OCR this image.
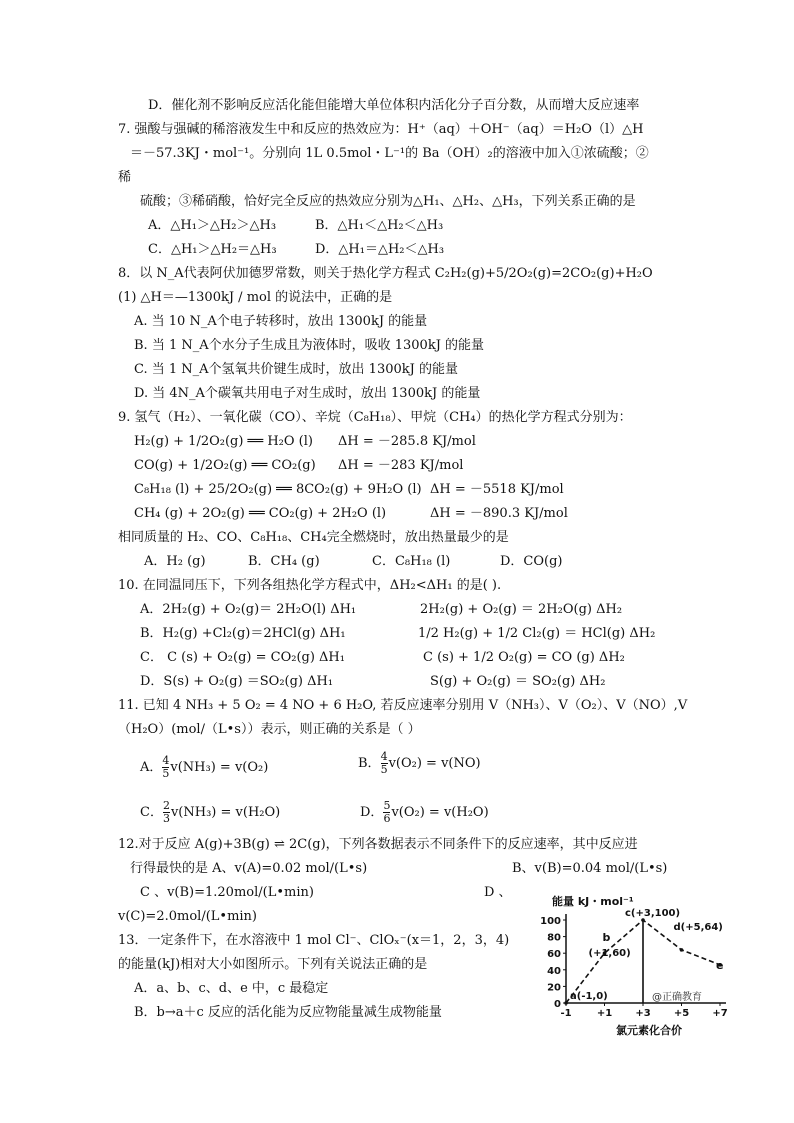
D．催化剂不影响反应活化能但能增大单位体积内活化分子百分数，从而增大反应速率
7. 强酸与强碱的稀溶液发生中和反应的热效应为：H⁺（aq）＋OH⁻（aq）＝H₂O（l）△H
＝－57.3KJ・mol⁻¹。分别向 1L 0.5mol・L⁻¹的 Ba（OH）₂的溶液中加入①浓硫酸；②
稀
硫酸；③稀硝酸，恰好完全反应的热效应分别为△H₁、△H₂、△H₃，下列关系正确的是
A．△H₁＞△H₂＞△H₃	B．△H₁＜△H₂＜△H₃
C．△H₁＞△H₂＝△H₃	D．△H₁＝△H₂＜△H₃
8．以 N_A代表阿伏加德罗常数，则关于热化学方程式 C₂H₂(g)+5/2O₂(g)=2CO₂(g)+H₂O
(1) △H＝—1300kJ / mol 的说法中，正确的是
A. 当 10 N_A个电子转移时，放出 1300kJ 的能量
B. 当 1 N_A个水分子生成且为液体时，吸收 1300kJ 的能量
C. 当 1 N_A个氢氧共价键生成时，放出 1300kJ 的能量
D. 当 4N_A个碳氧共用电子对生成时，放出 1300kJ 的能量
9. 氢气（H₂）、一氧化碳（CO）、辛烷（C₈H₁₈）、甲烷（CH₄）的热化学方程式分别为：
H₂(g) + 1/2O₂(g) ══ H₂O (l) ΔH = －285.8 KJ/mol
CO(g) + 1/2O₂(g) ══ CO₂(g) ΔH = －283 KJ/mol
C₈H₁₈ (l) + 25/2O₂(g) ══ 8CO₂(g) + 9H₂O (l) ΔH = －5518 KJ/mol
CH₄ (g) + 2O₂(g) ══ CO₂(g) + 2H₂O (l)	ΔH = －890.3 KJ/mol
相同质量的 H₂、CO、C₈H₁₈、CH₄完全燃烧时，放出热量最少的是
A．H₂ (g)	B．CH₄ (g)	C．C₈H₁₈ (l)	D．CO(g)
10. 在同温同压下，下列各组热化学方程式中，ΔH₂<ΔH₁ 的是( ).
A．2H₂(g) + O₂(g)＝ 2H₂O(l) ΔH₁	2H₂(g) + O₂(g) ＝ 2H₂O(g) ΔH₂
B．H₂(g) +Cl₂(g)＝2HCl(g) ΔH₁	1/2 H₂(g) + 1/2 Cl₂(g) ＝ HCl(g) ΔH₂
C． C (s) + O₂(g) = CO₂(g) ΔH₁	C (s) + 1/2 O₂(g) = CO (g) ΔH₂
D．S(s) + O₂(g) ＝SO₂(g) ΔH₁	S(g) + O₂(g) ＝ SO₂(g) ΔH₂
11. 已知 4 NH₃ + 5 O₂ = 4 NO + 6 H₂O, 若反应速率分别用 V（NH₃）、V（O₂）、V（NO）,V
（H₂O）(mol/（L•s））表示，则正确的关系是（ ）
A． $\frac{4}{5} v(NH_3) = v(O_2)$	B． $\frac{4}{5} v(O_2) = v(NO)$
C． $\frac{2}{3} v(NH_3) = v(H_2O)$	D． $\frac{5}{6} v(O_2) = v(H_2O)$
12.对于反应 A(g)+3B(g) ⇌ 2C(g)，下列各数据表示不同条件下的反应速率，其中反应进
行得最快的是 A、v(A)=0.02 mol/(L•s)	B、v(B)=0.04 mol/(L•s)
C 、v(B)=1.20mol/(L•min)	D 、
v(C)=2.0mol/(L•min)
13．一定条件下，在水溶液中 1 mol Cl⁻、ClOₓ⁻(x＝1，2，3，4)
的能量(kJ)相对大小如图所示。下列有关说法正确的是
A．a、b、c、d、e 中，c 最稳定
B．b→a＋c 反应的活化能为反应物能量减生成物能量
能量 kJ・mol⁻¹
0
20
40
60
80
100
-1	+1 +3 +5 +7
氯元素化合价
a(-1,0)
b
(+1,60)
c(+3,100)
d(+5,64)
e
@正确教育
